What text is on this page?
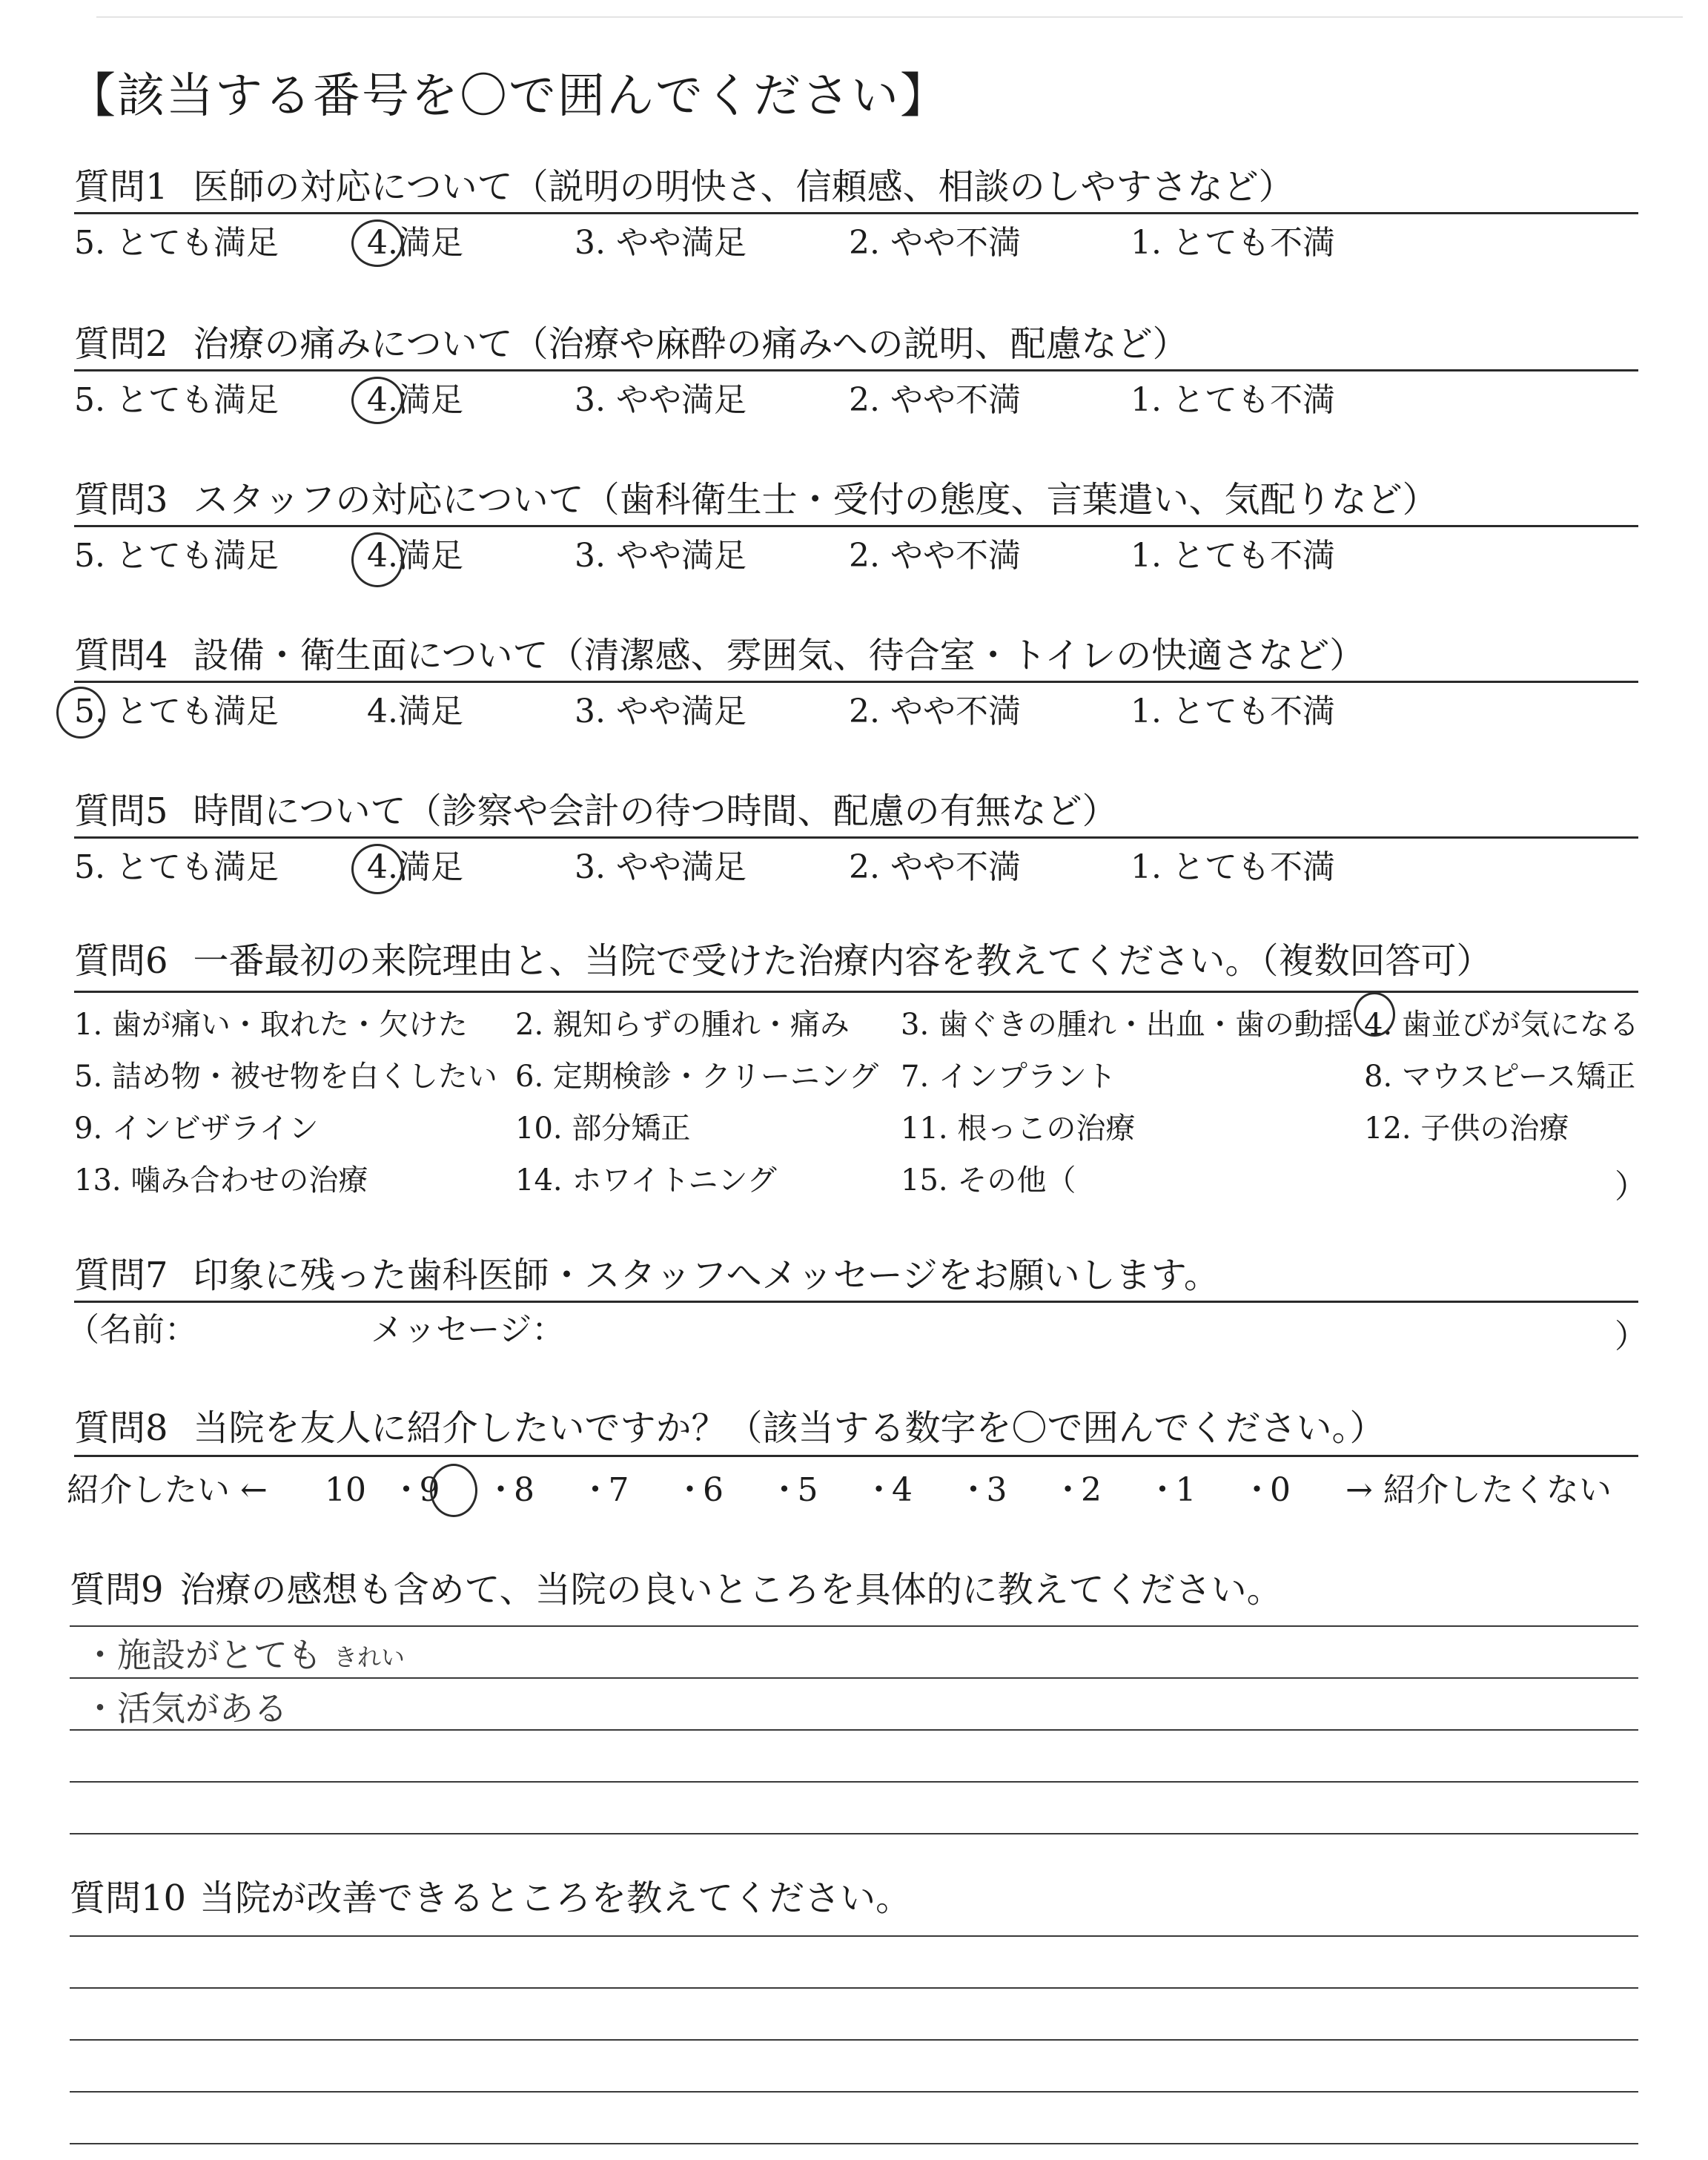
【該当する番号を〇で囲んでください】
質問1 医師の対応について（説明の明快さ、信頼感、相談のしやすさなど）
5. とても満足	4.満足	3. やや満足	2. やや不満	1. とても不満
質問2 治療の痛みについて（治療や麻酔の痛みへの説明、配慮など）
5. とても満足	4.満足	3. やや満足	2. やや不満	1. とても不満
質問3 スタッフの対応について（歯科衛生士・受付の態度、言葉遣い、気配りなど）
5. とても満足	4.満足	3. やや満足	2. やや不満	1. とても不満
質問4 設備・衛生面について（清潔感、雰囲気、待合室・トイレの快適さなど）
5. とても満足	4.満足	3. やや満足	2. やや不満	1. とても不満
質問5 時間について（診察や会計の待つ時間、配慮の有無など）
5. とても満足	4.満足	3. やや満足	2. やや不満	1. とても不満
質問6 一番最初の来院理由と、当院で受けた治療内容を教えてください。（複数回答可）
1. 歯が痛い・取れた・欠けた 2. 親知らずの腫れ・痛み 3. 歯ぐきの腫れ・出血・歯の動揺 4. 歯並びが気になる
5. 詰め物・被せ物を白くしたい 6. 定期検診・クリーニング 7. インプラント	8. マウスピース矯正
9. インビザライン	10. 部分矯正	11. 根っこの治療	12. 子供の治療
13. 噛み合わせの治療	14. ホワイトニング	15. その他（	）
質問7 印象に残った歯科医師・スタッフへメッセージをお願いします。
（名前：	メッセージ：	）
質問8 当院を友人に紹介したいですか？（該当する数字を〇で囲んでください。）
紹介したい ←	→ 紹介したくない
10 ・
9 ・
8 ・
7 ・
6 ・
5 ・
4 ・
3 ・
2 ・
1 ・
0
質問9 治療の感想も含めて、当院の良いところを具体的に教えてください。
・施設がとても きれい
・活気がある
質問10 当院が改善できるところを教えてください。
